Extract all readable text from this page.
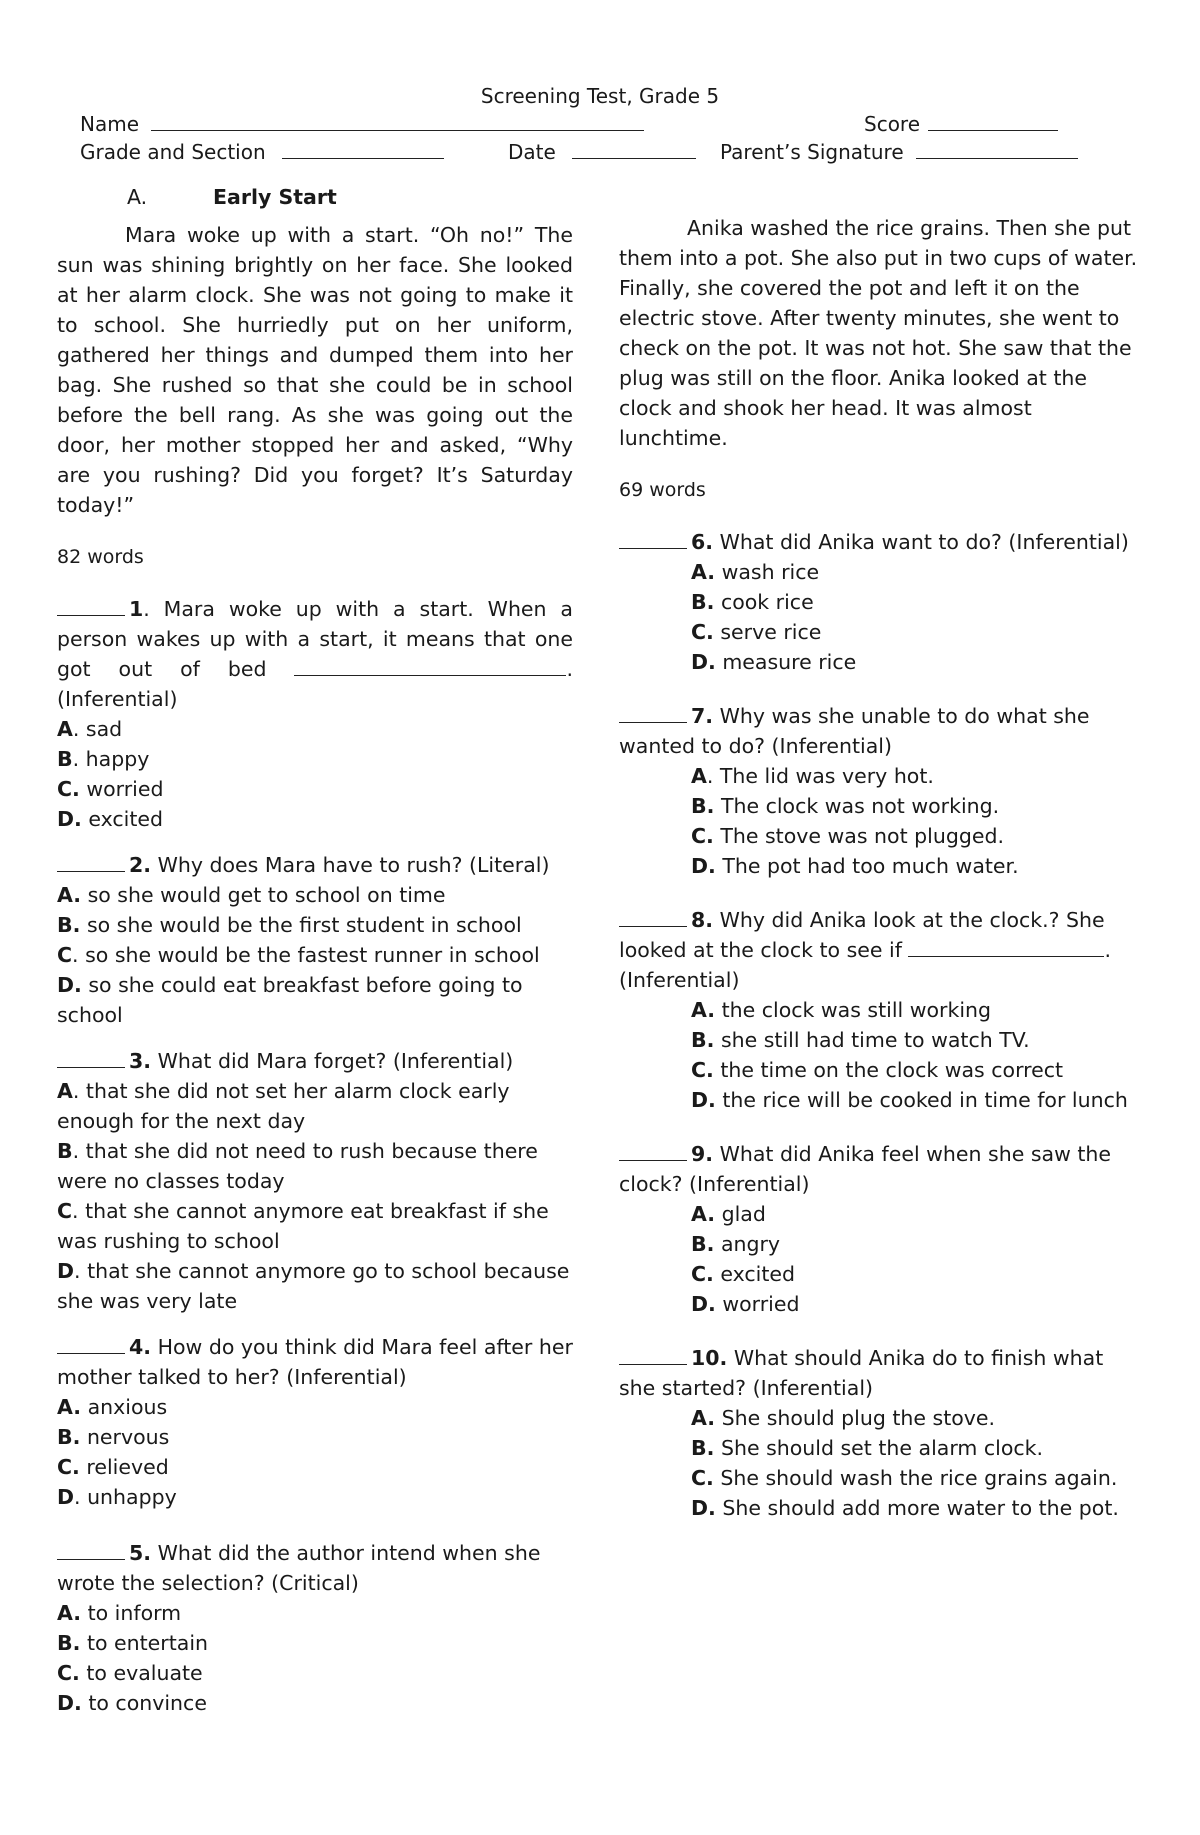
Screening Test, Grade 5
Name	Score
Grade and Section	Date	Parent’s Signature
A.	Early Start

Mara woke up with a start. “Oh no!” The sun was shining brightly on her face. She looked at her alarm clock. She was not going to make it to school. She hurriedly put on her uniform, gathered her things and dumped them into her bag. She rushed so that she could be in school before the bell rang. As she was going out the door, her mother stopped her and asked, “Why are you rushing? Did you forget? It’s Saturday today!”

82 words

1. Mara woke up with a start. When a person wakes up with a start, it means that one got out of bed	. (Inferential)

A. sad
B. happy
C. worried
D. excited

2. Why does Mara have to rush? (Literal)

A. so she would get to school on time
B. so she would be the first student in school
C. so she would be the fastest runner in school
D. so she could eat breakfast before going to school

3. What did Mara forget? (Inferential)

A. that she did not set her alarm clock early enough for the next day
B. that she did not need to rush because there were no classes today
C. that she cannot anymore eat breakfast if she was rushing to school
D. that she cannot anymore go to school because she was very late

4. How do you think did Mara feel after her mother talked to her? (Inferential)

A. anxious
B. nervous
C. relieved
D. unhappy

5. What did the author intend when she wrote the selection? (Critical)

A. to inform
B. to entertain
C. to evaluate
D. to convince

Anika washed the rice grains. Then she put them into a pot. She also put in two cups of water. Finally, she covered the pot and left it on the electric stove. After twenty minutes, she went to check on the pot. It was not hot. She saw that the plug was still on the floor. Anika looked at the clock and shook her head. It was almost lunchtime.

69 words

6. What did Anika want to do? (Inferential)

A. wash rice
B. cook rice
C. serve rice
D. measure rice

7. Why was she unable to do what she wanted to do? (Inferential)

A. The lid was very hot.
B. The clock was not working.
C. The stove was not plugged.
D. The pot had too much water.

8. Why did Anika look at the clock.? She looked at the clock to see if	. (Inferential)

A. the clock was still working
B. she still had time to watch TV.
C. the time on the clock was correct
D. the rice will be cooked in time for lunch

9. What did Anika feel when she saw the clock? (Inferential)

A. glad
B. angry
C. excited
D. worried

10. What should Anika do to finish what she started? (Inferential)

A. She should plug the stove.
B. She should set the alarm clock.
C. She should wash the rice grains again.
D. She should add more water to the pot.
